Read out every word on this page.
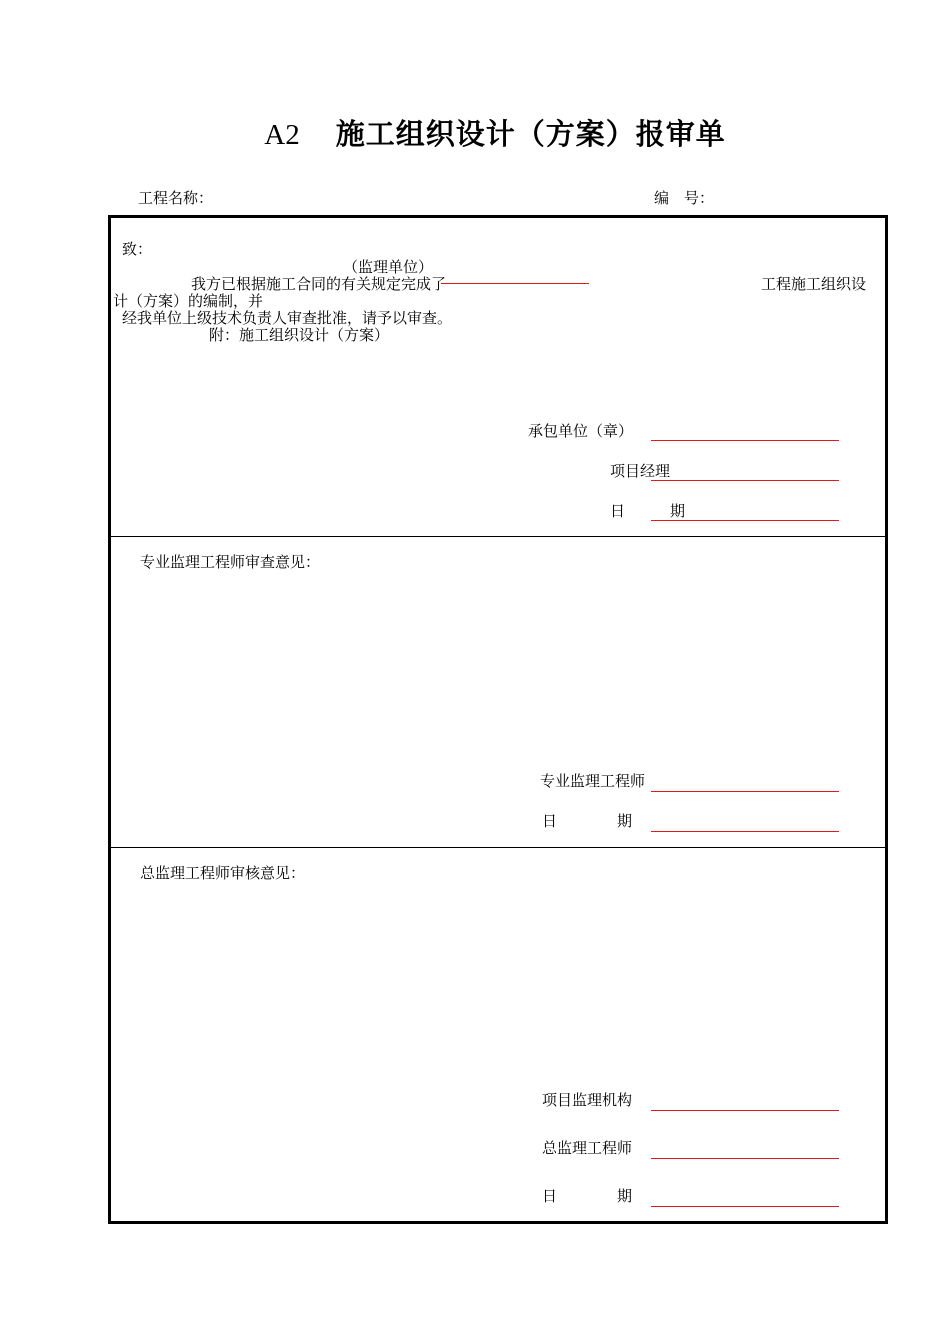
A2 施工组织设计（方案）报审单
工程名称：	编　号：
致：
（监理单位）
我方已根据施工合同的有关规定完成了	工程施工组织设
计（方案）的编制，并
经我单位上级技术负责人审查批准，请予以审查。
附：施工组织设计（方案）
承包单位（章）
项目经理
日　　　期
专业监理工程师审查意见：
专业监理工程师
日　　　　期
总监理工程师审核意见：
项目监理机构
总监理工程师
日　　　　期
